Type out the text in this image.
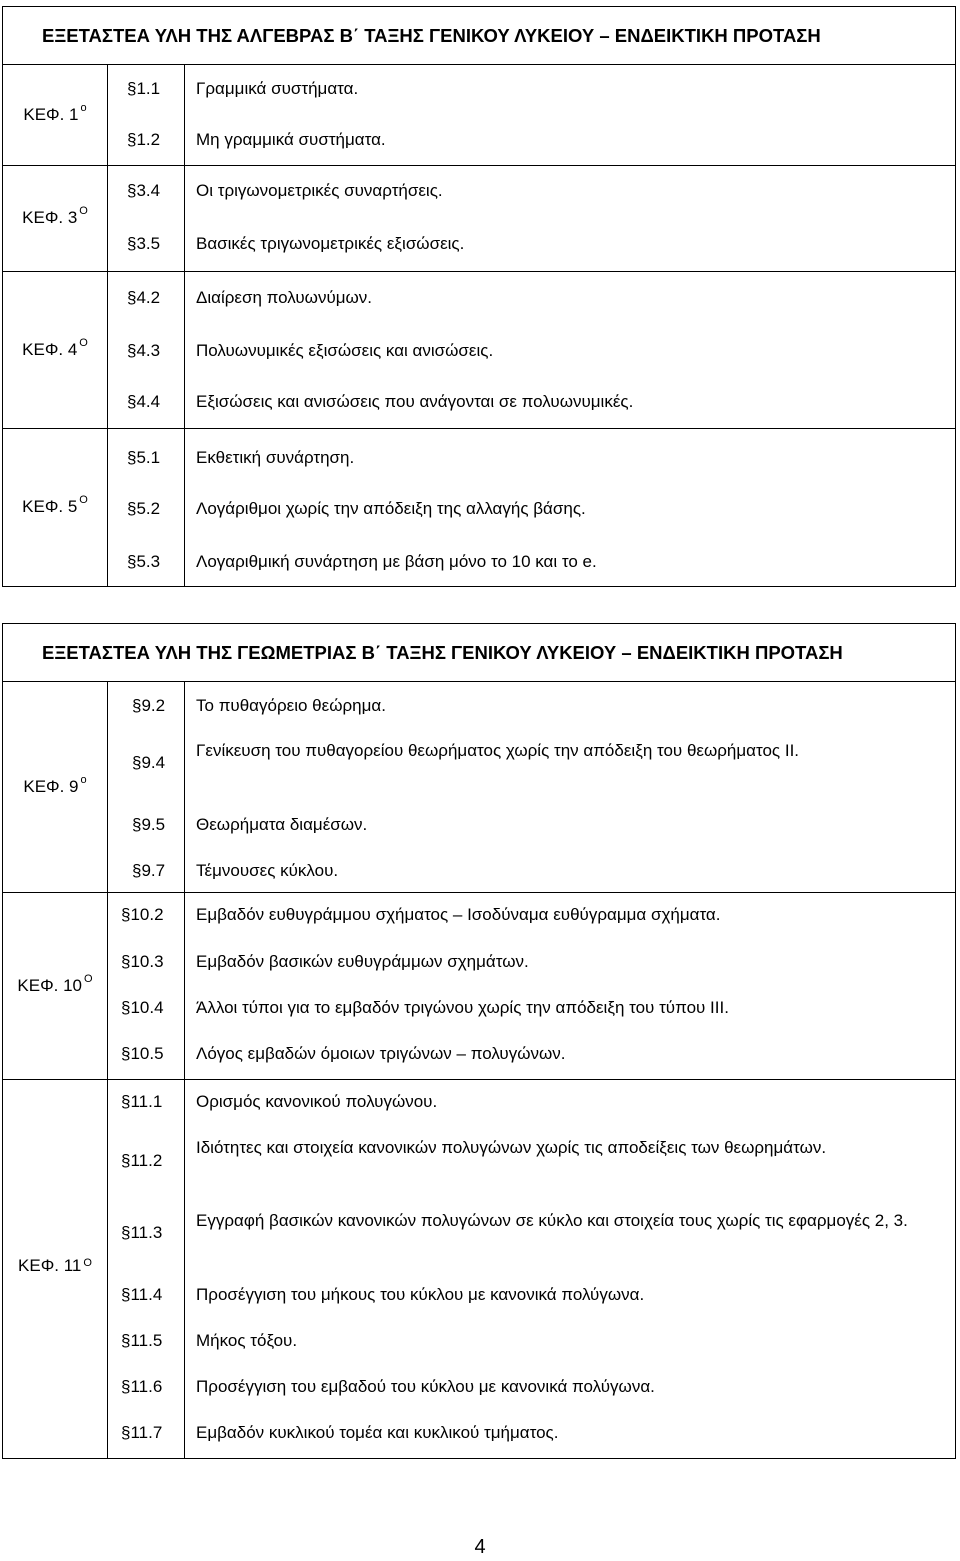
ΕΞΕΤΑΣΤΕΑ ΥΛΗ ΤΗΣ ΑΛΓΕΒΡΑΣ Β΄ ΤΑΞΗΣ ΓΕΝΙΚΟΥ ΛΥΚΕΙΟΥ – ΕΝΔΕΙΚΤΙΚΗ ΠΡΟΤΑΣΗ
ΚΕΦ. $1^o$
ΚΕΦ. $3^O$
ΚΕΦ. $4^O$
ΚΕΦ. $5^O$
§1.1 Γραμμικά συστήματα.
§1.2 Μη γραμμικά συστήματα.
§3.4 Οι τριγωνομετρικές συναρτήσεις.
§3.5 Βασικές τριγωνομετρικές εξισώσεις.
§4.2 Διαίρεση πολυωνύμων.
§4.3 Πολυωνυμικές εξισώσεις και ανισώσεις.
§4.4 Εξισώσεις και ανισώσεις που ανάγονται σε πολυωνυμικές.
§5.1 Εκθετική συνάρτηση.
§5.2 Λογάριθμοι χωρίς την απόδειξη της αλλαγής βάσης.
§5.3 Λογαριθμική συνάρτηση με βάση μόνο το 10 και το e.
ΕΞΕΤΑΣΤΕΑ ΥΛΗ ΤΗΣ ΓΕΩΜΕΤΡΙΑΣ Β΄ ΤΑΞΗΣ ΓΕΝΙΚΟΥ ΛΥΚΕΙΟΥ – ΕΝΔΕΙΚΤΙΚΗ ΠΡΟΤΑΣΗ
ΚΕΦ. $9^o$
ΚΕΦ. $10^O$
ΚΕΦ. $11^O$
§9.2 Το πυθαγόρειο θεώρημα.
§9.4
Γενίκευση του πυθαγορείου θεωρήματος χωρίς την απόδειξη του θεωρήματος ΙΙ.
§9.5 Θεωρήματα διαμέσων.
§9.7 Τέμνουσες κύκλου.
§10.2 Εμβαδόν ευθυγράμμου σχήματος – Ισοδύναμα ευθύγραμμα σχήματα.
§10.3 Εμβαδόν βασικών ευθυγράμμων σχημάτων.
§10.4 Άλλοι τύποι για το εμβαδόν τριγώνου χωρίς την απόδειξη του τύπου ΙΙΙ.
§10.5 Λόγος εμβαδών όμοιων τριγώνων – πολυγώνων.
§11.1 Ορισμός κανονικού πολυγώνου.
§11.2
Ιδιότητες και στοιχεία κανονικών πολυγώνων χωρίς τις αποδείξεις των θεωρημάτων.
§11.3
Εγγραφή βασικών κανονικών πολυγώνων σε κύκλο και στοιχεία τους χωρίς τις εφαρμογές 2, 3.
§11.4 Προσέγγιση του μήκους του κύκλου με κανονικά πολύγωνα.
§11.5 Μήκος τόξου.
§11.6 Προσέγγιση του εμβαδού του κύκλου με κανονικά πολύγωνα.
§11.7 Εμβαδόν κυκλικού τομέα και κυκλικού τμήματος.
4
